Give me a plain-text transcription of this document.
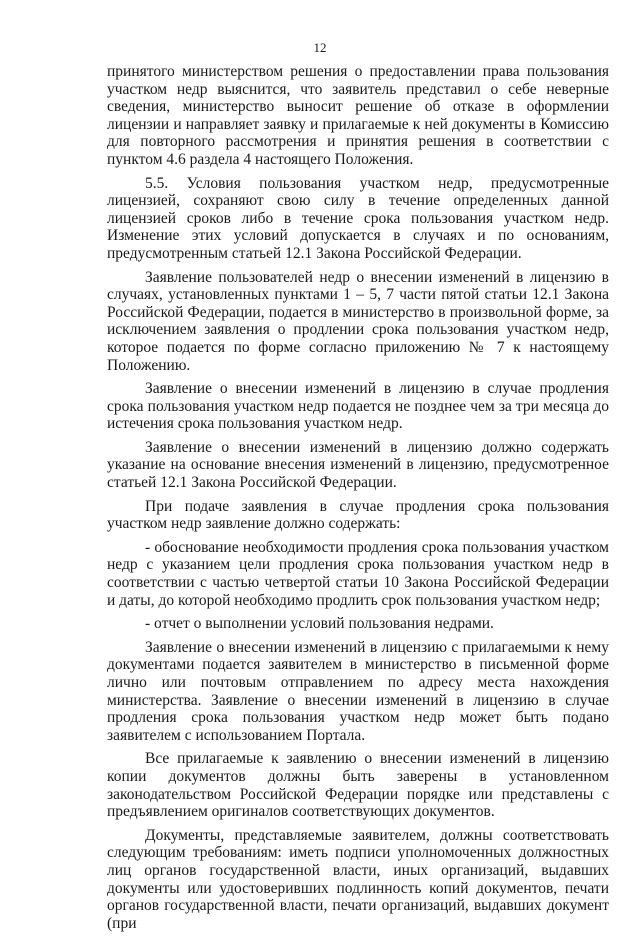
12

принятого министерством решения о предоставлении права пользования участком недр выяснится, что заявитель представил о себе неверные сведения, министерство выносит решение об отказе в оформлении лицензии и направляет заявку и прилагаемые к ней документы в Комиссию для повторного рассмотрения и принятия решения в соответствии с пунктом 4.6 раздела 4 настоящего Положения.

5.5. Условия пользования участком недр, предусмотренные лицензией, сохраняют свою силу в течение определенных данной лицензией сроков либо в течение срока пользования участком недр. Изменение этих условий допускается в случаях и по основаниям, предусмотренным статьей 12.1 Закона Российской Федерации.

Заявление пользователей недр о внесении изменений в лицензию в случаях, установленных пунктами 1 – 5, 7 части пятой статьи 12.1 Закона Российской Федерации, подается в министерство в произвольной форме, за исключением заявления о продлении срока пользования участком недр, которое подается по форме согласно приложению № 7 к настоящему Положению.

Заявление о внесении изменений в лицензию в случае продления срока пользования участком недр подается не позднее чем за три месяца до истечения срока пользования участком недр.

Заявление о внесении изменений в лицензию должно содержать указание на основание внесения изменений в лицензию, предусмотренное статьей 12.1 Закона Российской Федерации.

При подаче заявления в случае продления срока пользования участком недр заявление должно содержать:

- обоснование необходимости продления срока пользования участком недр с указанием цели продления срока пользования участком недр в соответствии с частью четвертой статьи 10 Закона Российской Федерации и даты, до которой необходимо продлить срок пользования участком недр;

- отчет о выполнении условий пользования недрами.

Заявление о внесении изменений в лицензию с прилагаемыми к нему документами подается заявителем в министерство в письменной форме лично или почтовым отправлением по адресу места нахождения министерства. Заявление о внесении изменений в лицензию в случае продления срока пользования участком недр может быть подано заявителем с использованием Портала.

Все прилагаемые к заявлению о внесении изменений в лицензию копии документов должны быть заверены в установленном законодательством Российской Федерации порядке или представлены с предъявлением оригиналов соответствующих документов.

Документы, представляемые заявителем, должны соответствовать следующим требованиям: иметь подписи уполномоченных должностных лиц органов государственной власти, иных организаций, выдавших документы или удостоверивших подлинность копий документов, печати органов государственной власти, печати организаций, выдавших документ (при
